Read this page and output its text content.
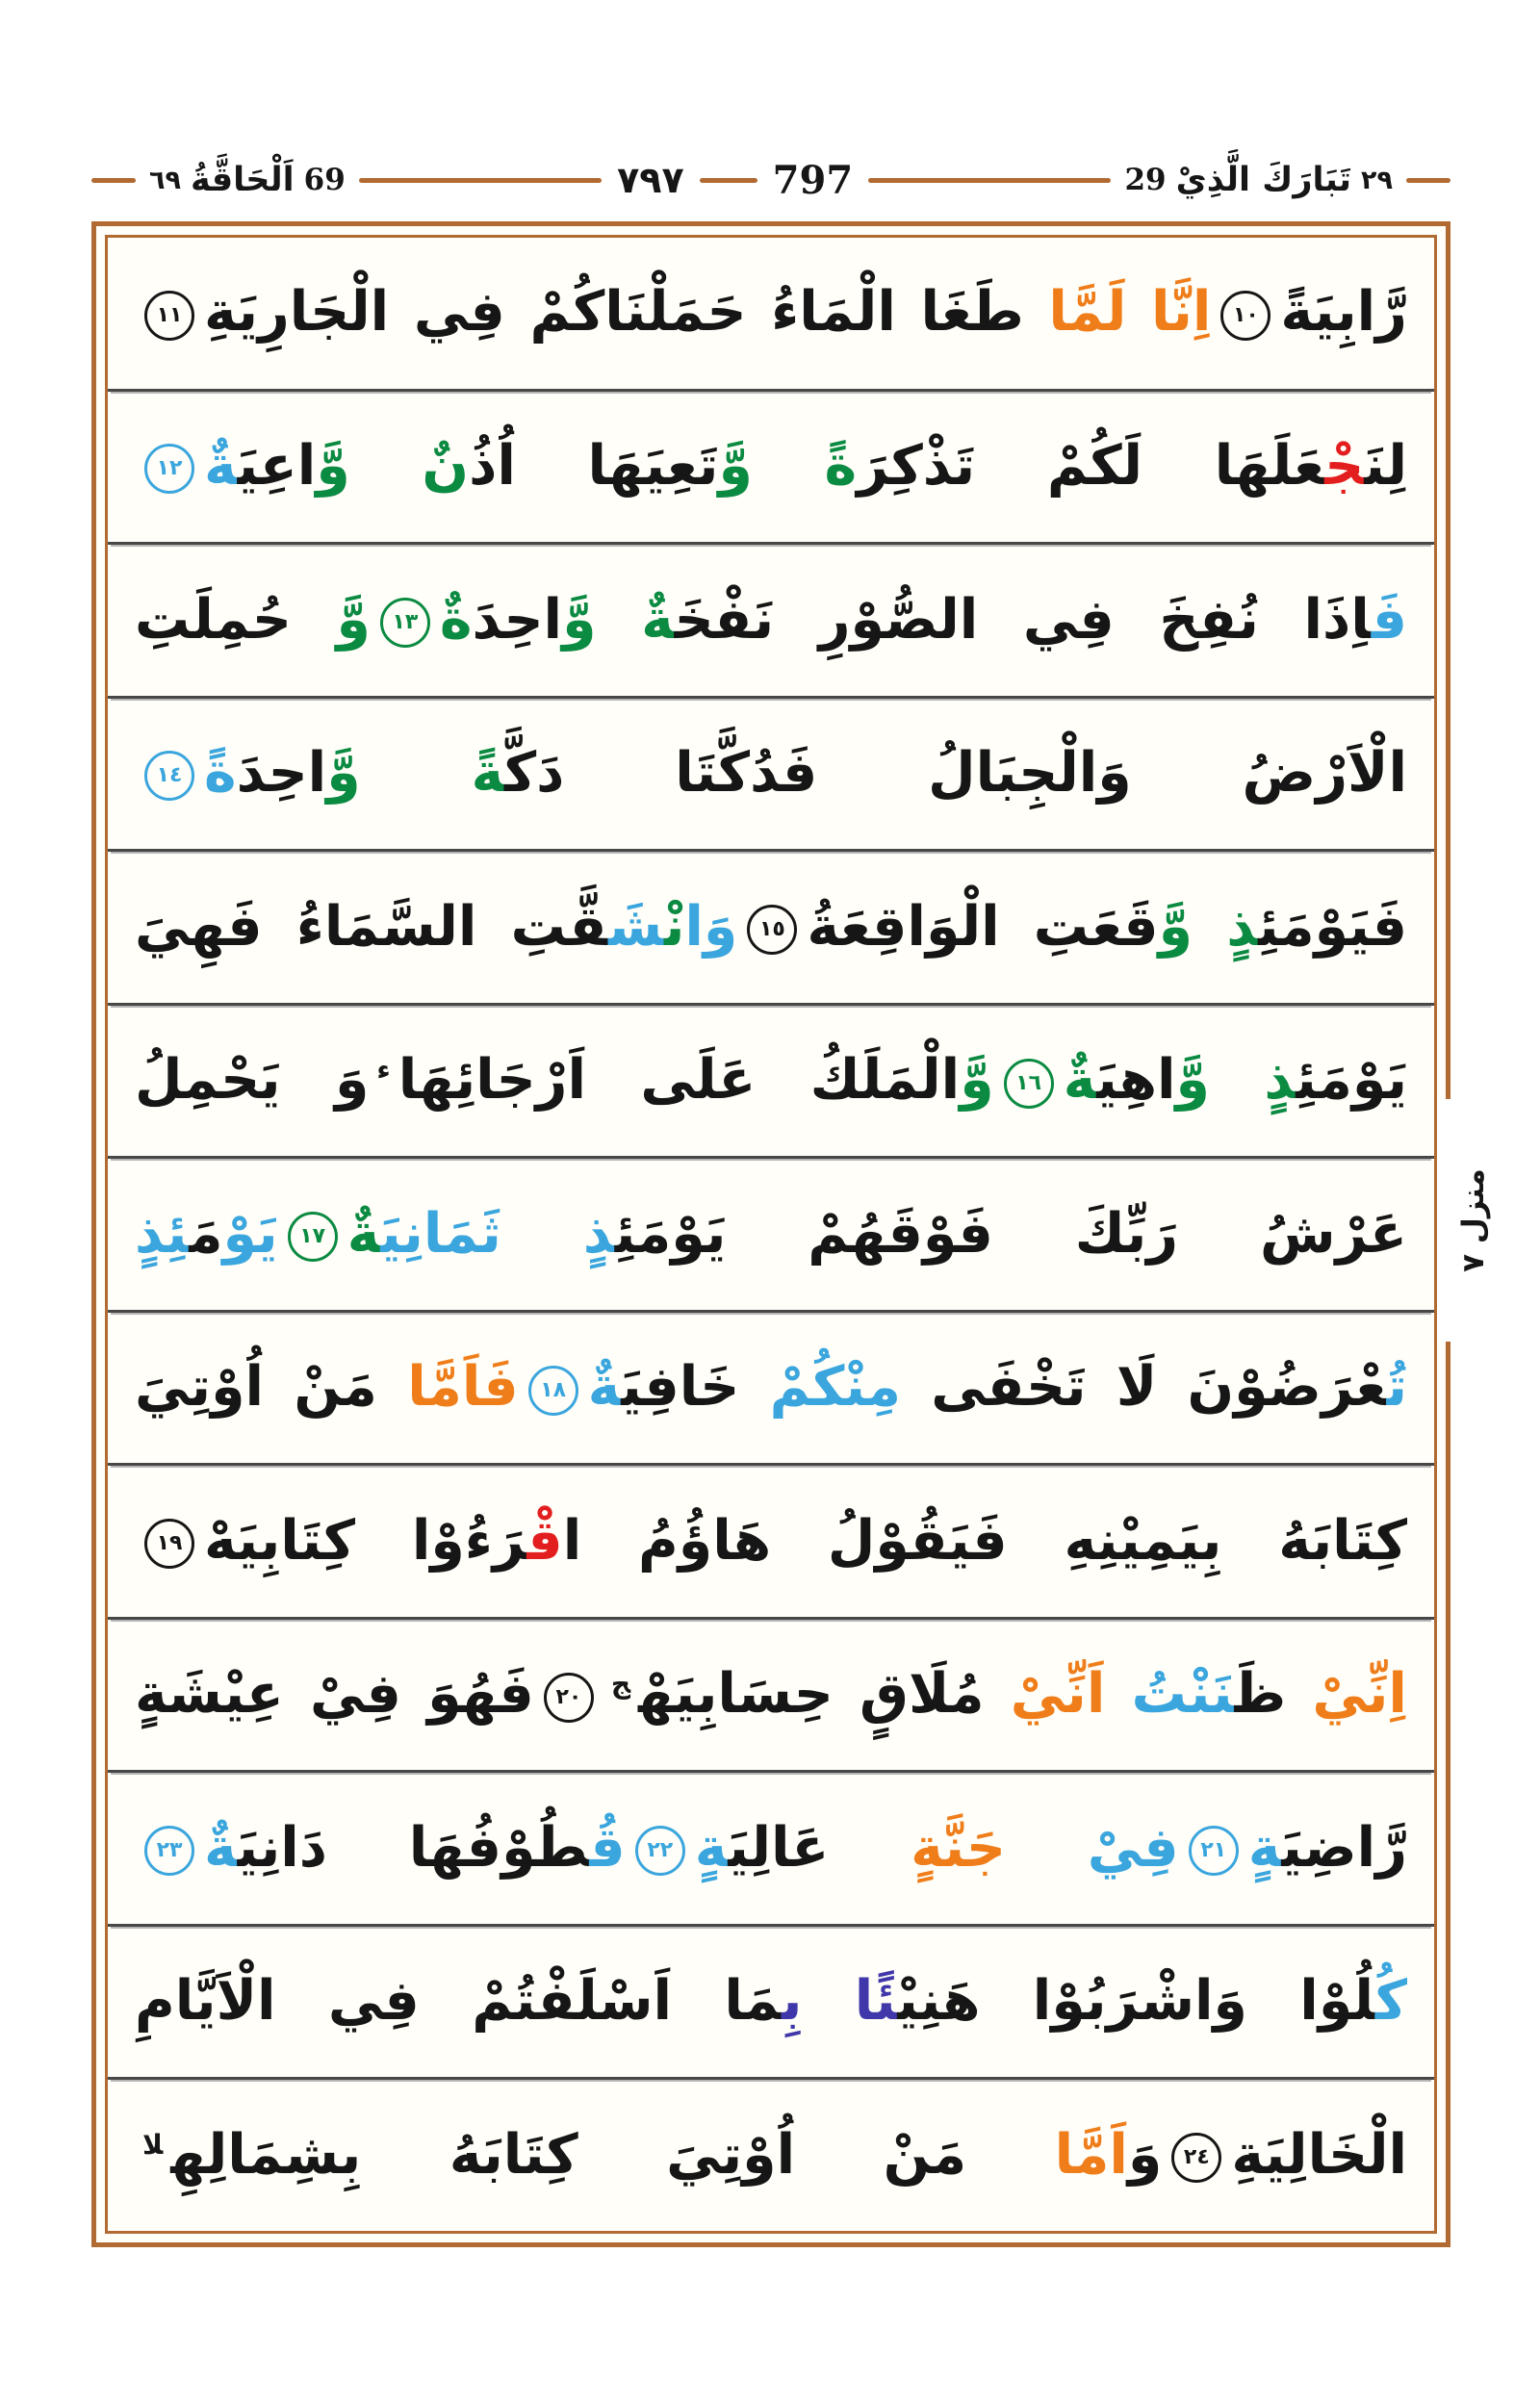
٦٩ اَلْحَاقَّةُ 69	٧٩٧	797	29 تَبَارَكَ الَّذِيْ ٢٩
رَّابِيَةً١٠اِنَّا لَمَّا طَغَا الْمَاءُ حَمَلْنَاكُمْ فِي الْجَارِيَةِ١١
لِنَجْعَلَهَا لَكُمْ تَذْكِرَةً وَّتَعِيَهَا اُذُنٌ وَّاعِيَةٌ١٢
فَاِذَا نُفِخَ فِي الصُّوْرِ نَفْخَةٌ وَّاحِدَةٌ١٣وَّ حُمِلَتِ
الْاَرْضُ وَالْجِبَالُ فَدُكَّتَا دَكَّةً وَّاحِدَةً١٤
فَيَوْمَئِذٍ وَّقَعَتِ الْوَاقِعَةُ١٥وَانْشَقَّتِ السَّمَاءُ فَهِيَ
يَوْمَئِذٍ وَّاهِيَةٌ١٦وَّالْمَلَكُ عَلَى اَرْجَائِهَا$^ء$وَ يَحْمِلُ
عَرْشُ رَبِّكَ فَوْقَهُمْ يَوْمَئِذٍ ثَمَانِيَةٌ١٧يَوْمَئِذٍ
تُعْرَضُوْنَ لَا تَخْفَى مِنْكُمْ خَافِيَةٌ١٨فَاَمَّا مَنْ اُوْتِيَ
كِتَابَهُ بِيَمِيْنِهِ فَيَقُوْلُ هَاؤُمُ اقْرَءُوْا كِتَابِيَهْ١٩
اِنِّيْ ظَنَنْتُ اَنِّيْ مُلَاقٍ حِسَابِيَهْ$^ج$٢٠فَهُوَ فِيْ عِيْشَةٍ
رَّاضِيَةٍ٢١فِيْ جَنَّةٍ عَالِيَةٍ٢٢قُطُوْفُهَا دَانِيَةٌ٢٣
كُلُوْا وَاشْرَبُوْا هَنِيْئًا بِمَا اَسْلَفْتُمْ فِي الْاَيَّامِ
الْخَالِيَةِ٢٤وَاَمَّا مَنْ اُوْتِيَ كِتَابَهُ بِشِمَالِهِ$^{لا}$
منزل ٧
